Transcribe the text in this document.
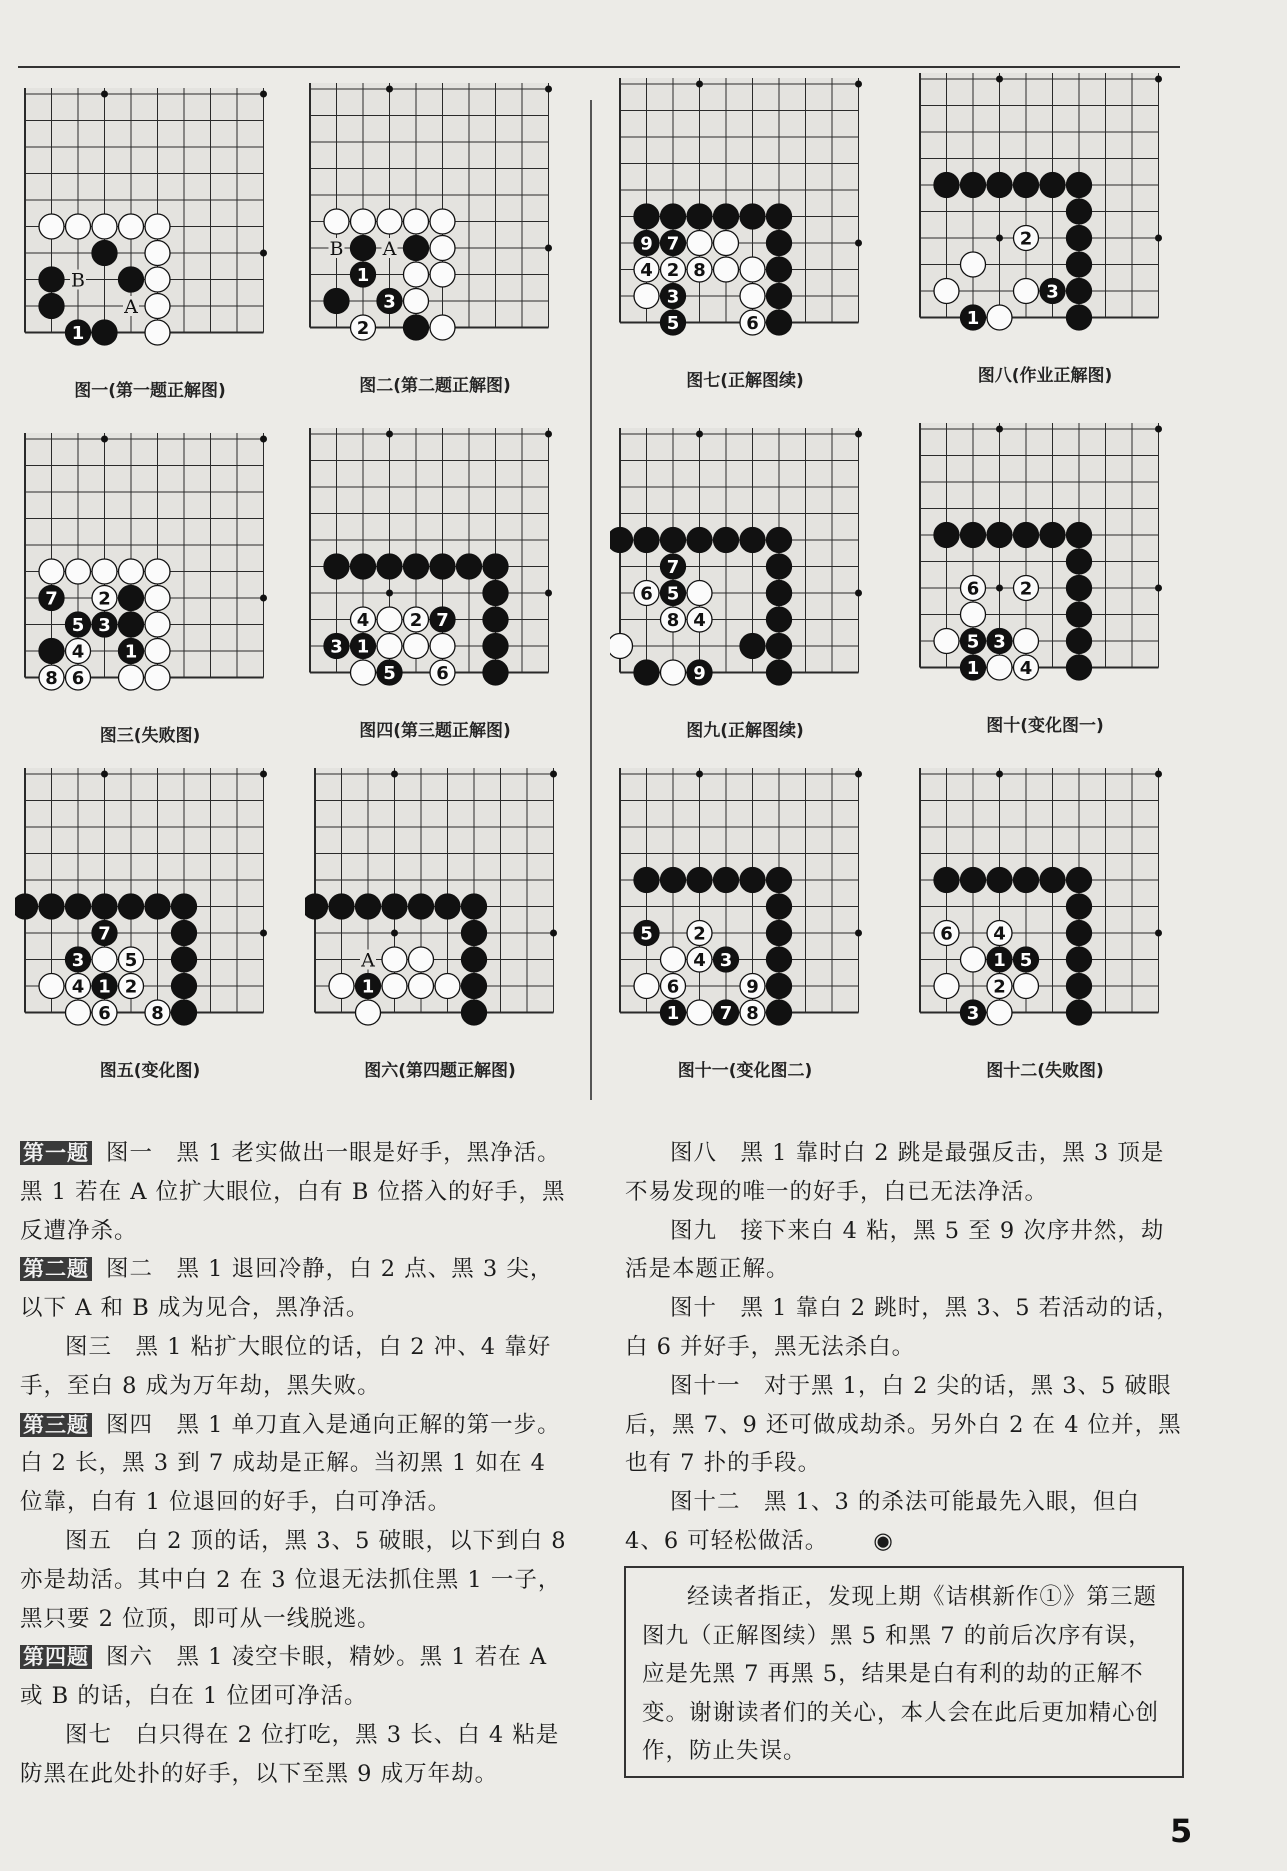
B
A
1
图一(第一题正解图)
B A
1
3
2
图二(第二题正解图)
9 7
4 2 8
3
5	6
图七(正解图续)
2
3
1
图八(作业正解图)
7 2
5 3
4 1
8 6
图三(失败图)
4 2 7
3 1
5 6
图四(第三题正解图)
7
6 5
8 4
9
图九(正解图续)
6 2
5 3
1 4
图十(变化图一)
7
3 5
4 1 2
6 8
图五(变化图)
A
1
图六(第四题正解图)
5 2
4 3
6	9
1 7 8
图十一(变化图二)
6 4
1 5
2
3
图十二(失败图)

第一题 图一　黑 1 老实做出一眼是好手，黑净活。黑 1 若在 A 位扩大眼位，白有 B 位搭入的好手，黑反遭净杀。

第二题 图二　黑 1 退回冷静，白 2 点、黑 3 尖，以下 A 和 B 成为见合，黑净活。

图三　黑 1 粘扩大眼位的话，白 2 冲、4 靠好手，至白 8 成为万年劫，黑失败。

第三题 图四　黑 1 单刀直入是通向正解的第一步。白 2 长，黑 3 到 7 成劫是正解。当初黑 1 如在 4 位靠，白有 1 位退回的好手，白可净活。

图五　白 2 顶的话，黑 3、5 破眼，以下到白 8 亦是劫活。其中白 2 在 3 位退无法抓住黑 1 一子，黑只要 2 位顶，即可从一线脱逃。

第四题 图六　黑 1 凌空卡眼，精妙。黑 1 若在 A 或 B 的话，白在 1 位团可净活。

图七　白只得在 2 位打吃，黑 3 长、白 4 粘是防黑在此处扑的好手，以下至黑 9 成万年劫。

图八　黑 1 靠时白 2 跳是最强反击，黑 3 顶是不易发现的唯一的好手，白已无法净活。

图九　接下来白 4 粘，黑 5 至 9 次序井然，劫活是本题正解。

图十　黑 1 靠白 2 跳时，黑 3、5 若活动的话，白 6 并好手，黑无法杀白。

图十一　对于黑 1，白 2 尖的话，黑 3、5 破眼后，黑 7、9 还可做成劫杀。另外白 2 在 4 位并，黑也有 7 扑的手段。

图十二　黑 1、3 的杀法可能最先入眼，但白 4、6 可轻松做活。 ◉

经读者指正，发现上期《诘棋新作①》第三题图九（正解图续）黑 5 和黑 7 的前后次序有误，应是先黑 7 再黑 5，结果是白有利的劫的正解不变。谢谢读者们的关心，本人会在此后更加精心创作，防止失误。

5
